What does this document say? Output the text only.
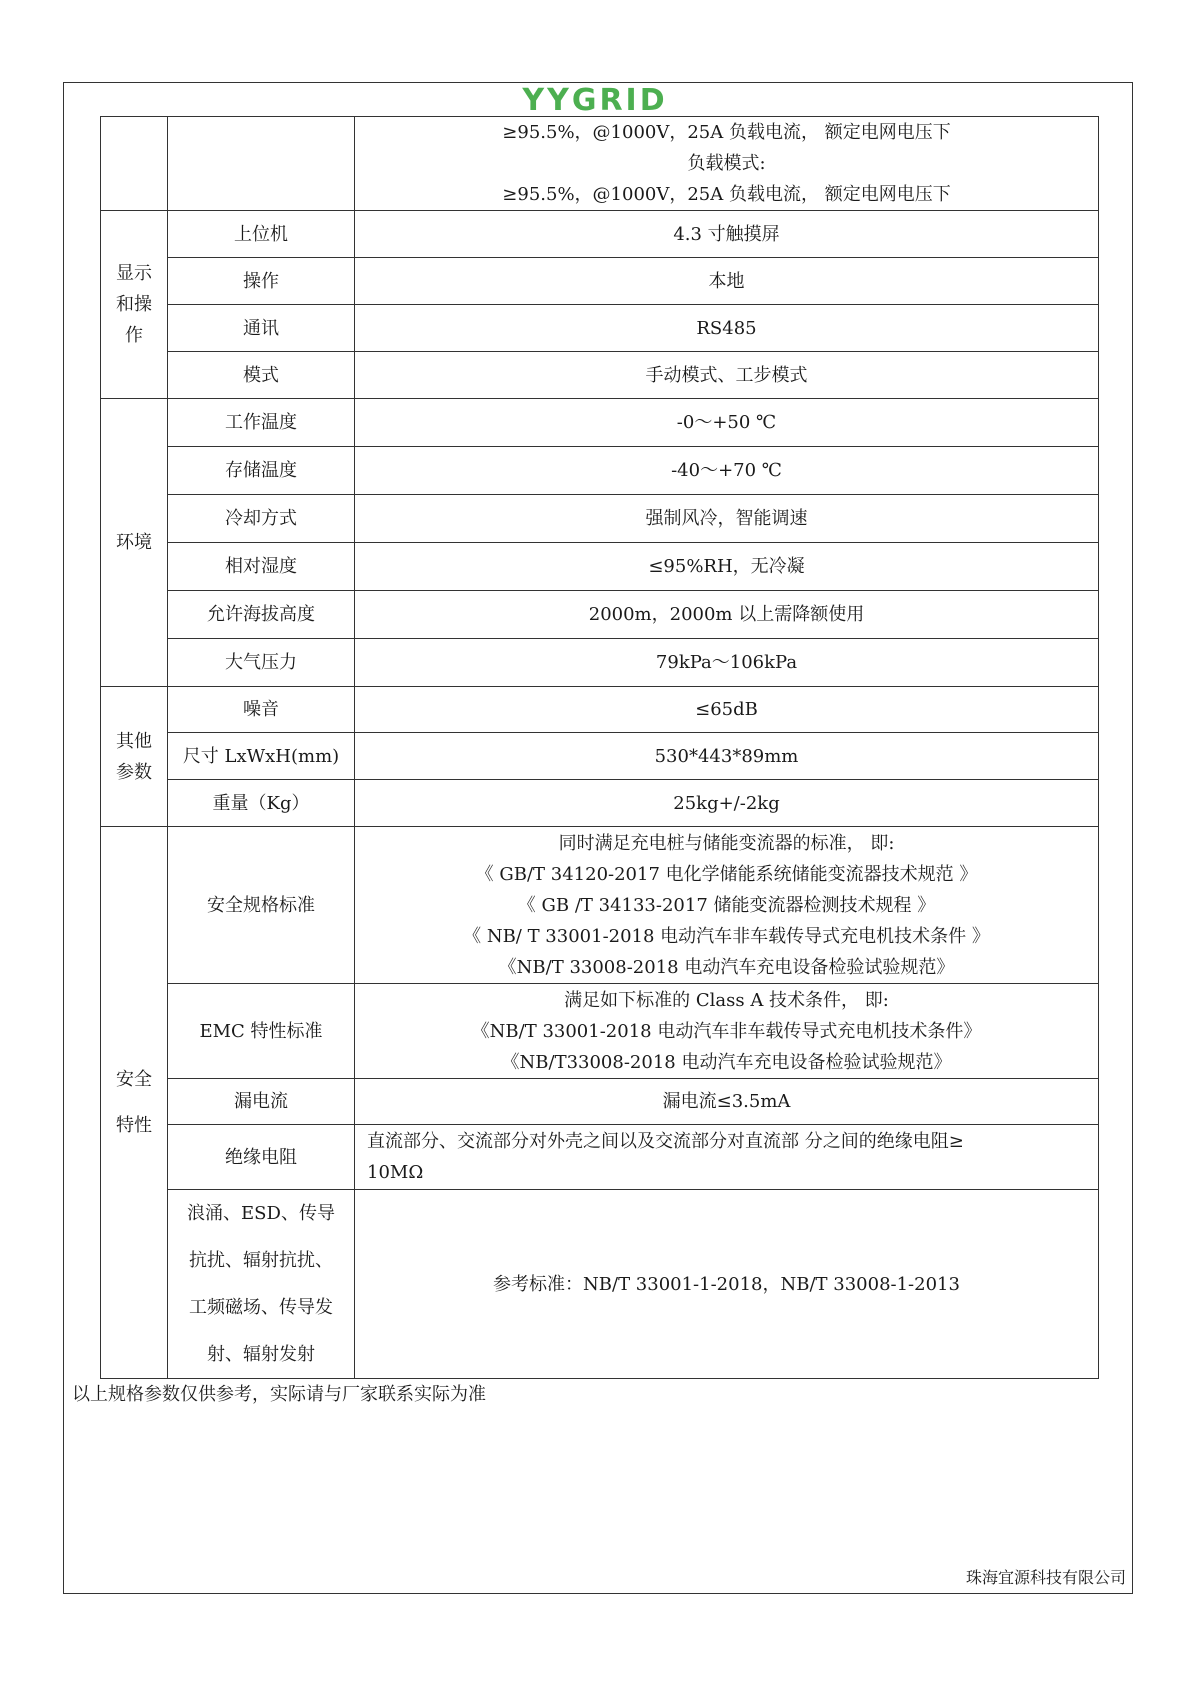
YYGRID

		≥95.5%，@1000V，25A 负载电流， 额定电网电压下
负载模式:
≥95.5%，@1000V，25A 负载电流， 额定电网电压下

显示
和操
作	上位机	4.3 寸触摸屏
	操作	本地
	通讯	RS485
	模式	手动模式、工步模式

环境	工作温度	-0～+50 ℃
	存储温度	-40～+70 ℃
	冷却方式	强制风冷，智能调速
	相对湿度	≤95%RH，无冷凝
	允许海拔高度	2000m，2000m 以上需降额使用
	大气压力	79kPa～106kPa

其他
参数	噪音	≤65dB
	尺寸 LxWxH(mm)	530*443*89mm
	重量（Kg）	25kg+/-2kg

安全
特性	安全规格标准	同时满足充电桩与储能变流器的标准， 即:
《 GB/T 34120-2017 电化学储能系统储能变流器技术规范 》
《 GB /T 34133-2017 储能变流器检测技术规程 》
《 NB/ T 33001-2018 电动汽车非车载传导式充电机技术条件 》
《NB/T 33008-2018 电动汽车充电设备检验试验规范》

	EMC 特性标准	满足如下标准的 Class A 技术条件， 即:
《NB/T 33001-2018 电动汽车非车载传导式充电机技术条件》
《NB/T33008-2018 电动汽车充电设备检验试验规范》

	漏电流	漏电流≤3.5mA
	绝缘电阻	直流部分、交流部分对外壳之间以及交流部分对直流部 分之间的绝缘电阻≥
10MΩ

	浪涌、ESD、传导
抗扰、辐射抗扰、
工频磁场、传导发
射、辐射发射	参考标准：NB/T 33001-1-2018，NB/T 33008-1-2013
以上规格参数仅供参考，实际请与厂家联系实际为准
珠海宜源科技有限公司
